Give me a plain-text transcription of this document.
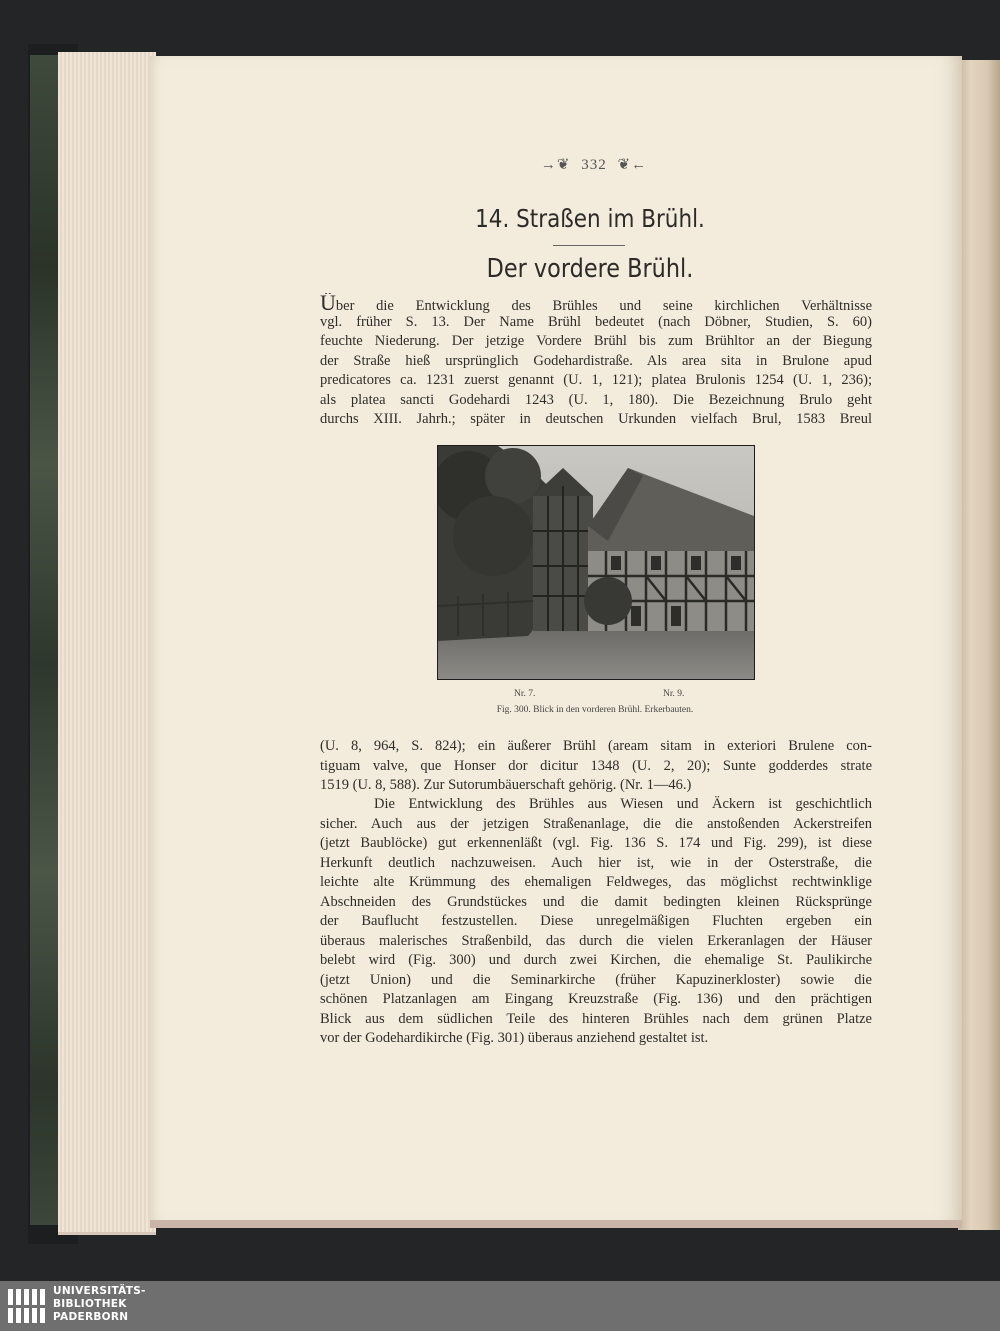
→❦ 332 ❦←
14. Straßen im Brühl.
Der vordere Brühl.
Über die Entwicklung des Brühles und seine kirchlichen Verhältnisse
vgl. früher S. 13. Der Name Brühl bedeutet (nach Döbner, Studien, S. 60)
feuchte Niederung. Der jetzige Vordere Brühl bis zum Brühltor an der Biegung
der Straße hieß ursprünglich Godehardistraße. Als area sita in Brulone apud
predicatores ca. 1231 zuerst genannt (U. 1, 121); platea Brulonis 1254 (U. 1, 236);
als platea sancti Godehardi 1243 (U. 1, 180). Die Bezeichnung Brulo geht
durchs XIII. Jahrh.; später in deutschen Urkunden vielfach Brul, 1583 Breul
Nr. 7.	Nr. 9.
Fig. 300. Blick in den vorderen Brühl. Erkerbauten.
(U. 8, 964, S. 824); ein äußerer Brühl (aream sitam in exteriori Brulene con-
tiguam valve, que Honser dor dicitur 1348 (U. 2, 20); Sunte godderdes strate
1519 (U. 8, 588). Zur Sutorumbäuerschaft gehörig. (Nr. 1—46.)
Die Entwicklung des Brühles aus Wiesen und Äckern ist geschichtlich
sicher. Auch aus der jetzigen Straßenanlage, die die anstoßenden Ackerstreifen
(jetzt Baublöcke) gut erkennenläßt (vgl. Fig. 136 S. 174 und Fig. 299), ist diese
Herkunft deutlich nachzuweisen. Auch hier ist, wie in der Osterstraße, die
leichte alte Krümmung des ehemaligen Feldweges, das möglichst rechtwinklige
Abschneiden des Grundstückes und die damit bedingten kleinen Rücksprünge
der Bauflucht festzustellen. Diese unregelmäßigen Fluchten ergeben ein
überaus malerisches Straßenbild, das durch die vielen Erkeranlagen der Häuser
belebt wird (Fig. 300) und durch zwei Kirchen, die ehemalige St. Paulikirche
(jetzt Union) und die Seminarkirche (früher Kapuzinerkloster) sowie die
schönen Platzanlagen am Eingang Kreuzstraße (Fig. 136) und den prächtigen
Blick aus dem südlichen Teile des hinteren Brühles nach dem grünen Platze
vor der Godehardikirche (Fig. 301) überaus anziehend gestaltet ist.
UNIVERSITÄTS-
BIBLIOTHEK
PADERBORN
